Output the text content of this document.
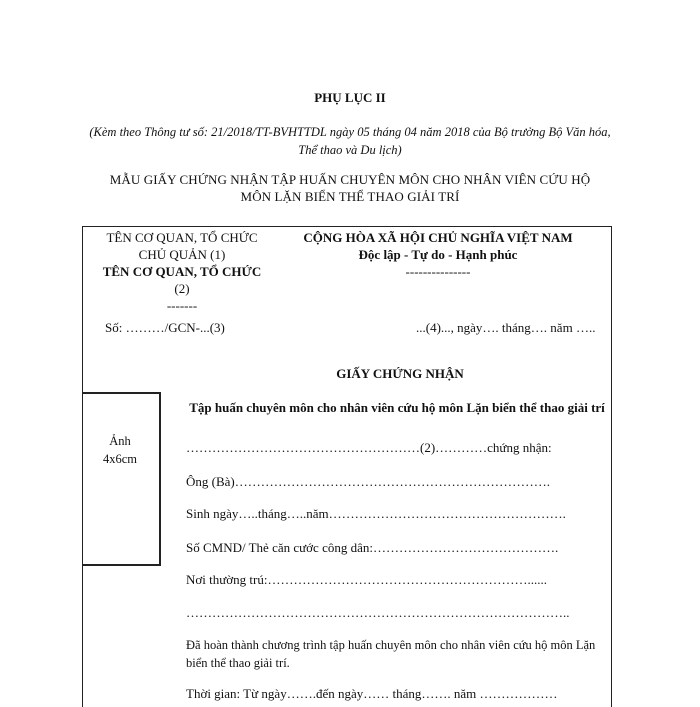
PHỤ LỤC II
(Kèm theo Thông tư số: 21/2018/TT-BVHTTDL ngày 05 tháng 04 năm 2018 của Bộ trưởng Bộ Văn hóa, Thể thao và Du lịch)
MẪU GIẤY CHỨNG NHẬN TẬP HUẤN CHUYÊN MÔN CHO NHÂN VIÊN CỨU HỘ
MÔN LẶN BIỂN THỂ THAO GIẢI TRÍ
TÊN CƠ QUAN, TỔ CHỨC
CHỦ QUẢN (1)
TÊN CƠ QUAN, TỔ CHỨC
(2)
-------
CỘNG HÒA XÃ HỘI CHỦ NGHĨA VIỆT NAM
Độc lập - Tự do - Hạnh phúc
---------------
Số: ………/GCN-...(3)	...(4)..., ngày…. tháng…. năm …..
GIẤY CHỨNG NHẬN
Ảnh
4x6cm
Tập huấn chuyên môn cho nhân viên cứu hộ môn Lặn biển thể thao giải trí
………………………………………………(2)…………chứng nhận:
Ông (Bà)……………………………………………………………….
Sinh ngày…..tháng…..năm……………………………………………….
Số CMND/ Thẻ căn cước công dân:…………………………………….
Nơi thường trú:……………………………………………………......
……………………………………………………………………………..
Đã hoàn thành chương trình tập huấn chuyên môn cho nhân viên cứu hộ môn Lặn biển thể thao giải trí.
Thời gian: Từ ngày…….đến ngày…… tháng……. năm ………………
